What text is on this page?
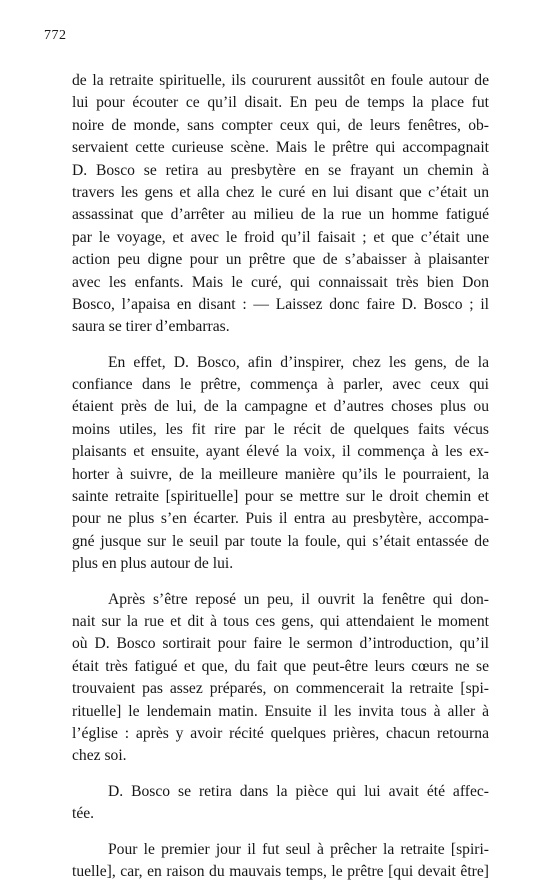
772
de la retraite spirituelle, ils coururent aussitôt en foule autour de
lui pour écouter ce qu’il disait. En peu de temps la place fut
noire de monde, sans compter ceux qui, de leurs fenêtres, ob-
servaient cette curieuse scène. Mais le prêtre qui accompagnait
D. Bosco se retira au presbytère en se frayant un chemin à
travers les gens et alla chez le curé en lui disant que c’était un
assassinat que d’arrêter au milieu de la rue un homme fatigué
par le voyage, et avec le froid qu’il faisait ; et que c’était une
action peu digne pour un prêtre que de s’abaisser à plaisanter
avec les enfants. Mais le curé, qui connaissait très bien Don
Bosco, l’apaisa en disant : — Laissez donc faire D. Bosco ; il
saura se tirer d’embarras.
En effet, D. Bosco, afin d’inspirer, chez les gens, de la
confiance dans le prêtre, commença à parler, avec ceux qui
étaient près de lui, de la campagne et d’autres choses plus ou
moins utiles, les fit rire par le récit de quelques faits vécus
plaisants et ensuite, ayant élevé la voix, il commença à les ex-
horter à suivre, de la meilleure manière qu’ils le pourraient, la
sainte retraite [spirituelle] pour se mettre sur le droit chemin et
pour ne plus s’en écarter. Puis il entra au presbytère, accompa-
gné jusque sur le seuil par toute la foule, qui s’était entassée de
plus en plus autour de lui.
Après s’être reposé un peu, il ouvrit la fenêtre qui don-
nait sur la rue et dit à tous ces gens, qui attendaient le moment
où D. Bosco sortirait pour faire le sermon d’introduction, qu’il
était très fatigué et que, du fait que peut-être leurs cœurs ne se
trouvaient pas assez préparés, on commencerait la retraite [spi-
rituelle] le lendemain matin. Ensuite il les invita tous à aller à
l’église : après y avoir récité quelques prières, chacun retourna
chez soi.
D. Bosco se retira dans la pièce qui lui avait été affec-
tée.
Pour le premier jour il fut seul à prêcher la retraite [spiri-
tuelle], car, en raison du mauvais temps, le prêtre [qui devait être]
